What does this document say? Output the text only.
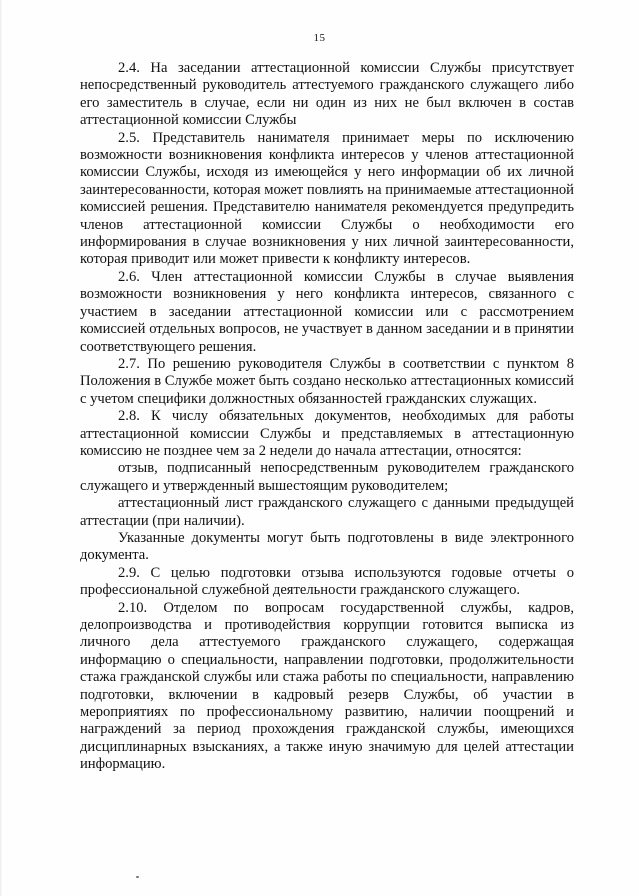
15

2.4. На заседании аттестационной комиссии Службы присутствует непосредственный руководитель аттестуемого гражданского служащего либо его заместитель в случае, если ни один из них не был включен в состав аттестационной комиссии Службы

2.5. Представитель нанимателя принимает меры по исключению возможности возникновения конфликта интересов у членов аттестационной комиссии Службы, исходя из имеющейся у него информации об их личной заинтересованности, которая может повлиять на принимаемые аттестационной комиссией решения. Представителю нанимателя рекомендуется предупредить членов аттестационной комиссии Службы о необходимости его информирования в случае возникновения у них личной заинтересованности, которая приводит или может привести к конфликту интересов.

2.6. Член аттестационной комиссии Службы в случае выявления возможности возникновения у него конфликта интересов, связанного с участием в заседании аттестационной комиссии или с рассмотрением комиссией отдельных вопросов, не участвует в данном заседании и в принятии соответствующего решения.

2.7. По решению руководителя Службы в соответствии с пунктом 8 Положения в Службе может быть создано несколько аттестационных комиссий с учетом специфики должностных обязанностей гражданских служащих.

2.8. К числу обязательных документов, необходимых для работы аттестационной комиссии Службы и представляемых в аттестационную комиссию не позднее чем за 2 недели до начала аттестации, относятся:

отзыв, подписанный непосредственным руководителем гражданского служащего и утвержденный вышестоящим руководителем;

аттестационный лист гражданского служащего с данными предыдущей аттестации (при наличии).

Указанные документы могут быть подготовлены в виде электронного документа.

2.9. С целью подготовки отзыва используются годовые отчеты о профессиональной служебной деятельности гражданского служащего.

2.10. Отделом по вопросам государственной службы, кадров, делопроизводства и противодействия коррупции готовится выписка из личного дела аттестуемого гражданского служащего, содержащая информацию о специальности, направлении подготовки, продолжительности стажа гражданской службы или стажа работы по специальности, направлению подготовки, включении в кадровый резерв Службы, об участии в мероприятиях по профессиональному развитию, наличии поощрений и награждений за период прохождения гражданской службы, имеющихся дисциплинарных взысканиях, а также иную значимую для целей аттестации информацию.
